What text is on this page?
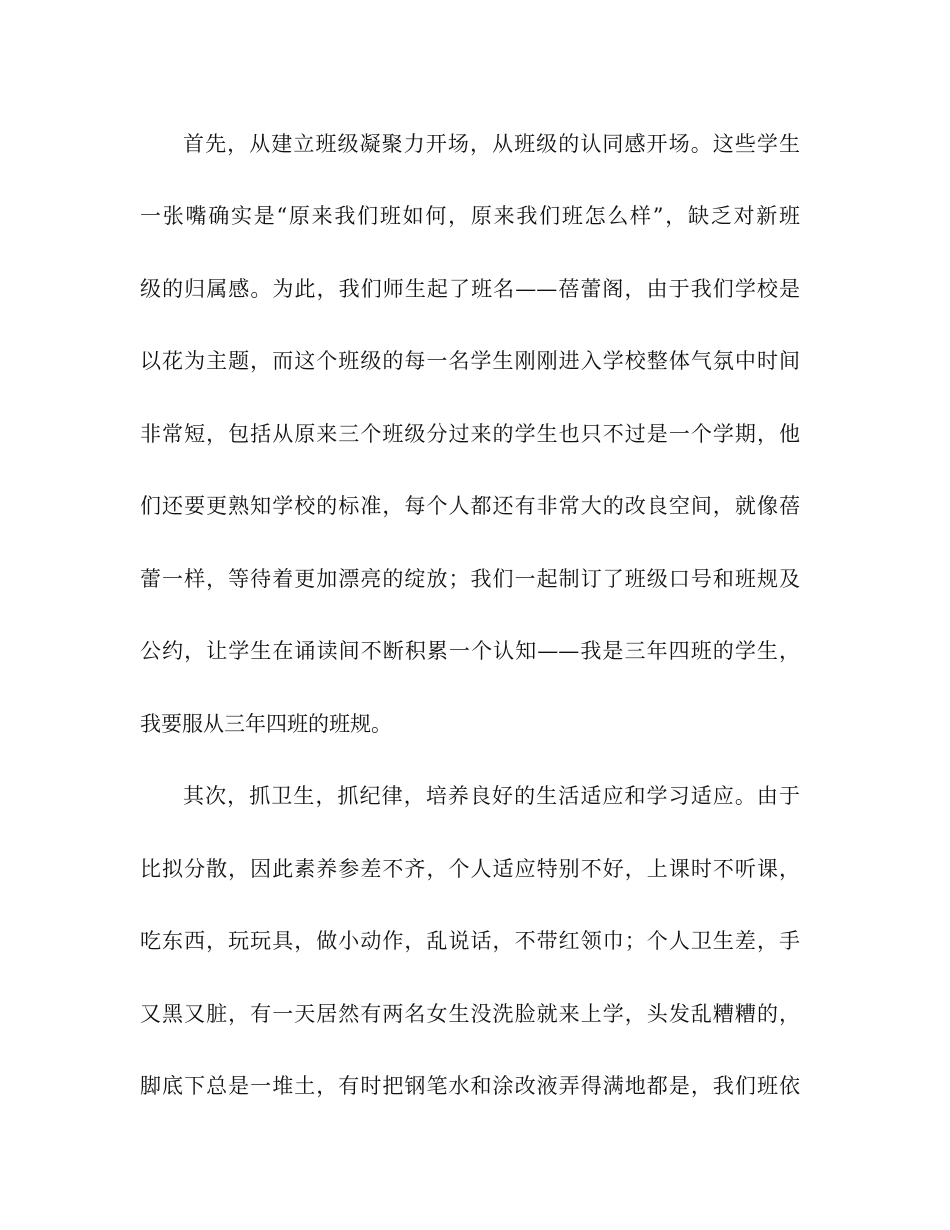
首先，从建立班级凝聚力开场，从班级的认同感开场。这些学生
一张嘴确实是“原来我们班如何，原来我们班怎么样”，缺乏对新班
级的归属感。为此，我们师生起了班名——蓓蕾阁，由于我们学校是
以花为主题，而这个班级的每一名学生刚刚进入学校整体气氛中时间
非常短，包括从原来三个班级分过来的学生也只不过是一个学期，他
们还要更熟知学校的标准，每个人都还有非常大的改良空间，就像蓓
蕾一样，等待着更加漂亮的绽放；我们一起制订了班级口号和班规及
公约，让学生在诵读间不断积累一个认知——我是三年四班的学生，
我要服从三年四班的班规。
其次，抓卫生，抓纪律，培养良好的生活适应和学习适应。由于
比拟分散，因此素养参差不齐，个人适应特别不好，上课时不听课，
吃东西，玩玩具，做小动作，乱说话，不带红领巾；个人卫生差，手
又黑又脏，有一天居然有两名女生没洗脸就来上学，头发乱糟糟的，
脚底下总是一堆土，有时把钢笔水和涂改液弄得满地都是，我们班依
